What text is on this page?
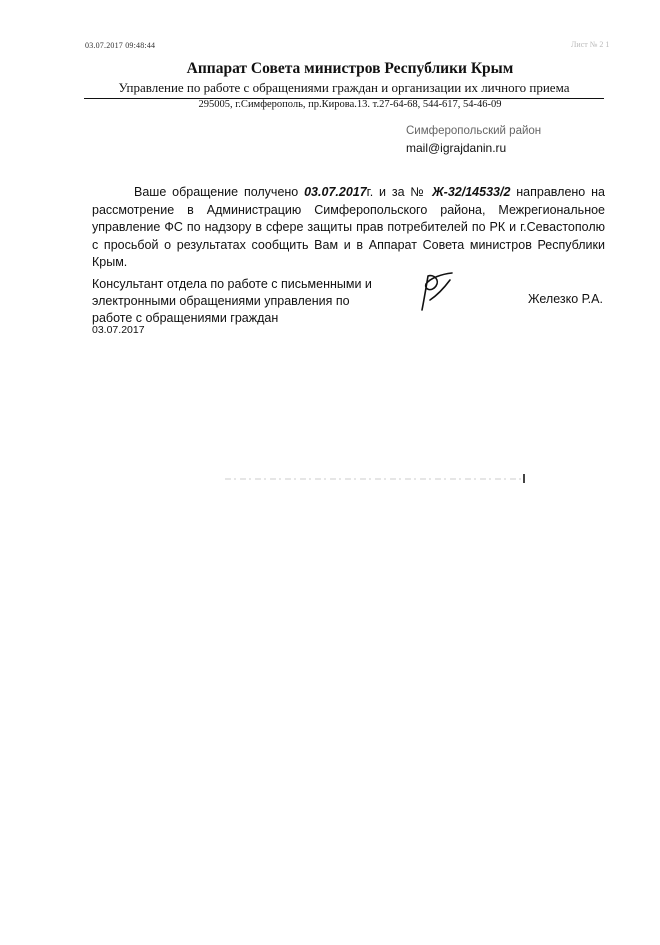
03.07.2017 09:48:44	Лист № 2 1
Аппарат Совета министров Республики Крым
Управление по работе с обращениями граждан и организации их личного приема
295005, г.Симферополь, пр.Кирова.13. т.27-64-68, 544-617, 54-46-09
Симферопольский район
mail@igrajdanin.ru
Ваше обращение получено 03.07.2017г. и за № Ж-32/14533/2 направлено на рассмотрение в Администрацию Симферопольского района, Межрегиональное управление ФС по надзору в сфере защиты прав потребителей по РК и г.Севастополю с просьбой о результатах сообщить Вам и в Аппарат Совета министров Республики Крым.
Консультант отдела по работе с письменными и электронными обращениями управления по работе с обращениями граждан
03.07.2017
Железко Р.А.
